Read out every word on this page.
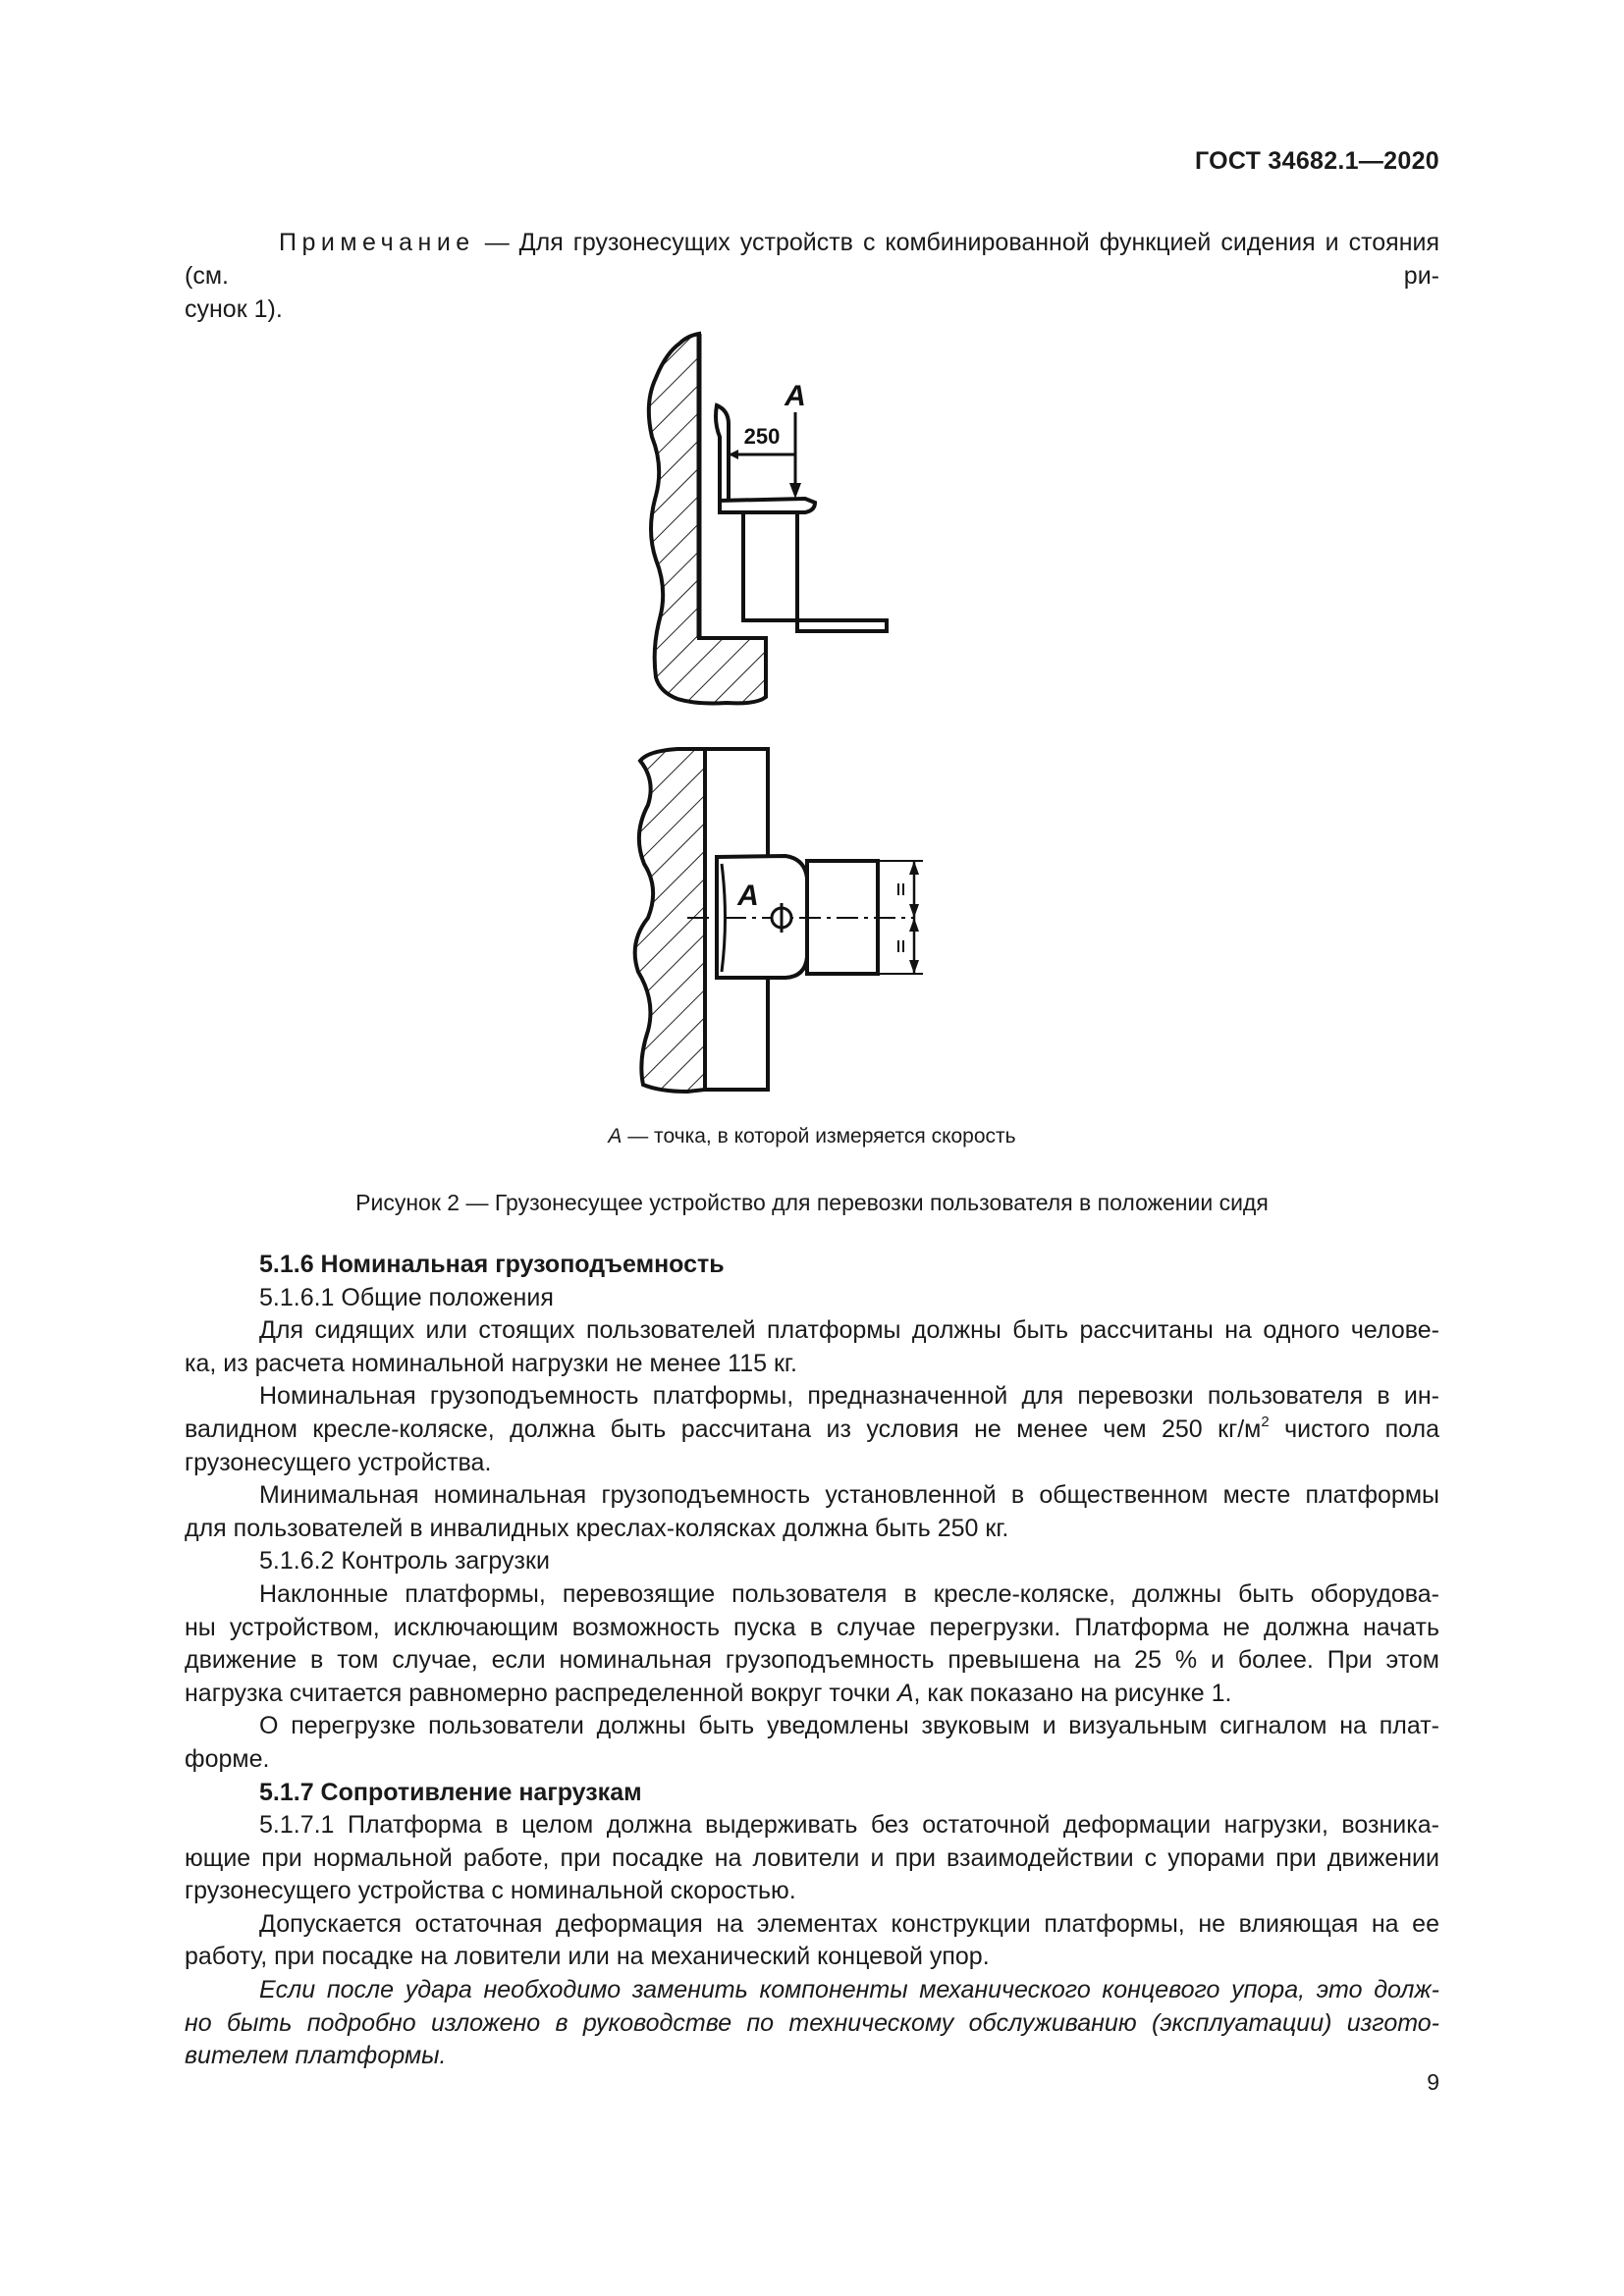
ГОСТ 34682.1—2020

Примечание — Для грузонесущих устройств с комбинированной функцией сидения и стояния (см. ри-
сунок 1).
250
А
А
А — точка, в которой измеряется скорость
Рисунок 2 — Грузонесущее устройство для перевозки пользователя в положении сидя
5.1.6 Номинальная грузоподъемность
5.1.6.1 Общие положения
Для сидящих или стоящих пользователей платформы должны быть рассчитаны на одного челове-
ка, из расчета номинальной нагрузки не менее 115 кг.
Номинальная грузоподъемность платформы, предназначенной для перевозки пользователя в ин-
валидном кресле-коляске, должна быть рассчитана из условия не менее чем 250 $кг/м^2$ чистого пола
грузонесущего устройства.
Минимальная номинальная грузоподъемность установленной в общественном месте платформы
для пользователей в инвалидных креслах-колясках должна быть 250 кг.
5.1.6.2 Контроль загрузки
Наклонные платформы, перевозящие пользователя в кресле-коляске, должны быть оборудова-
ны устройством, исключающим возможность пуска в случае перегрузки. Платформа не должна начать
движение в том случае, если номинальная грузоподъемность превышена на 25 % и более. При этом
нагрузка считается равномерно распределенной вокруг точки А, как показано на рисунке 1.
О перегрузке пользователи должны быть уведомлены звуковым и визуальным сигналом на плат-
форме.
5.1.7 Сопротивление нагрузкам
5.1.7.1 Платформа в целом должна выдерживать без остаточной деформации нагрузки, возника-
ющие при нормальной работе, при посадке на ловители и при взаимодействии с упорами при движении
грузонесущего устройства с номинальной скоростью.
Допускается остаточная деформация на элементах конструкции платформы, не влияющая на ее
работу, при посадке на ловители или на механический концевой упор.
Если после удара необходимо заменить компоненты механического концевого упора, это долж-
но быть подробно изложено в руководстве по техническому обслуживанию (эксплуатации) изгото-
вителем платформы.
9
